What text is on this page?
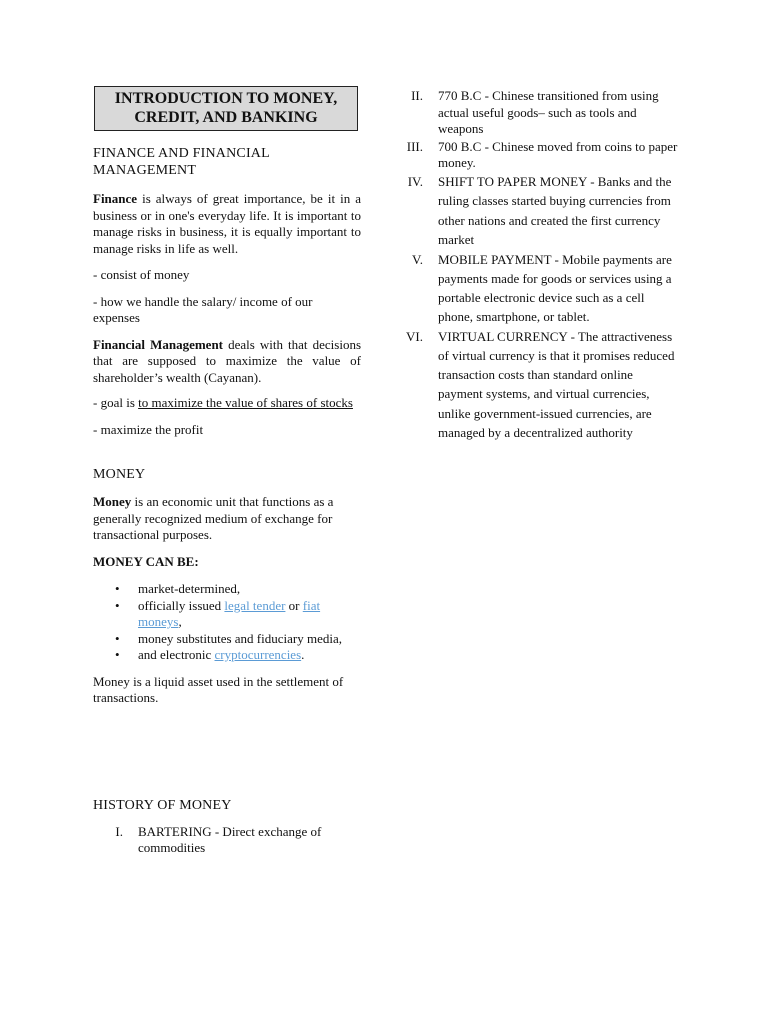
INTRODUCTION TO MONEY,
CREDIT, AND BANKING
FINANCE AND FINANCIAL
MANAGEMENT

Finance is always of great importance, be it in a business or in one's everyday life. It is important to manage risks in business, it is equally important to manage risks in life as well.

- consist of money

- how we handle the salary/ income of our expenses

Financial Management deals with that decisions that are supposed to maximize the value of shareholder’s wealth (Cayanan).

- goal is to maximize the value of shares of stocks

- maximize the profit

MONEY

Money is an economic unit that functions as a generally recognized medium of exchange for transactional purposes.

MONEY CAN BE:

• market-determined,
• officially issued legal tender or fiat moneys,
• money substitutes and fiduciary media,
• and electronic cryptocurrencies.

Money is a liquid asset used in the settlement of transactions.

HISTORY OF MONEY
I.	BARTERING - Direct exchange of commodities
II.	770 B.C - Chinese transitioned from using actual useful goods– such as tools and weapons
III.	700 B.C - Chinese moved from coins to paper money.
IV.	SHIFT TO PAPER MONEY - Banks and the ruling classes started buying currencies from other nations and created the first currency market
V.	MOBILE PAYMENT - Mobile payments are payments made for goods or services using a portable electronic device such as a cell phone, smartphone, or tablet.
VI.	VIRTUAL CURRENCY - The attractiveness of virtual currency is that it promises reduced transaction costs than standard online payment systems, and virtual currencies, unlike government-issued currencies, are managed by a decentralized authority
